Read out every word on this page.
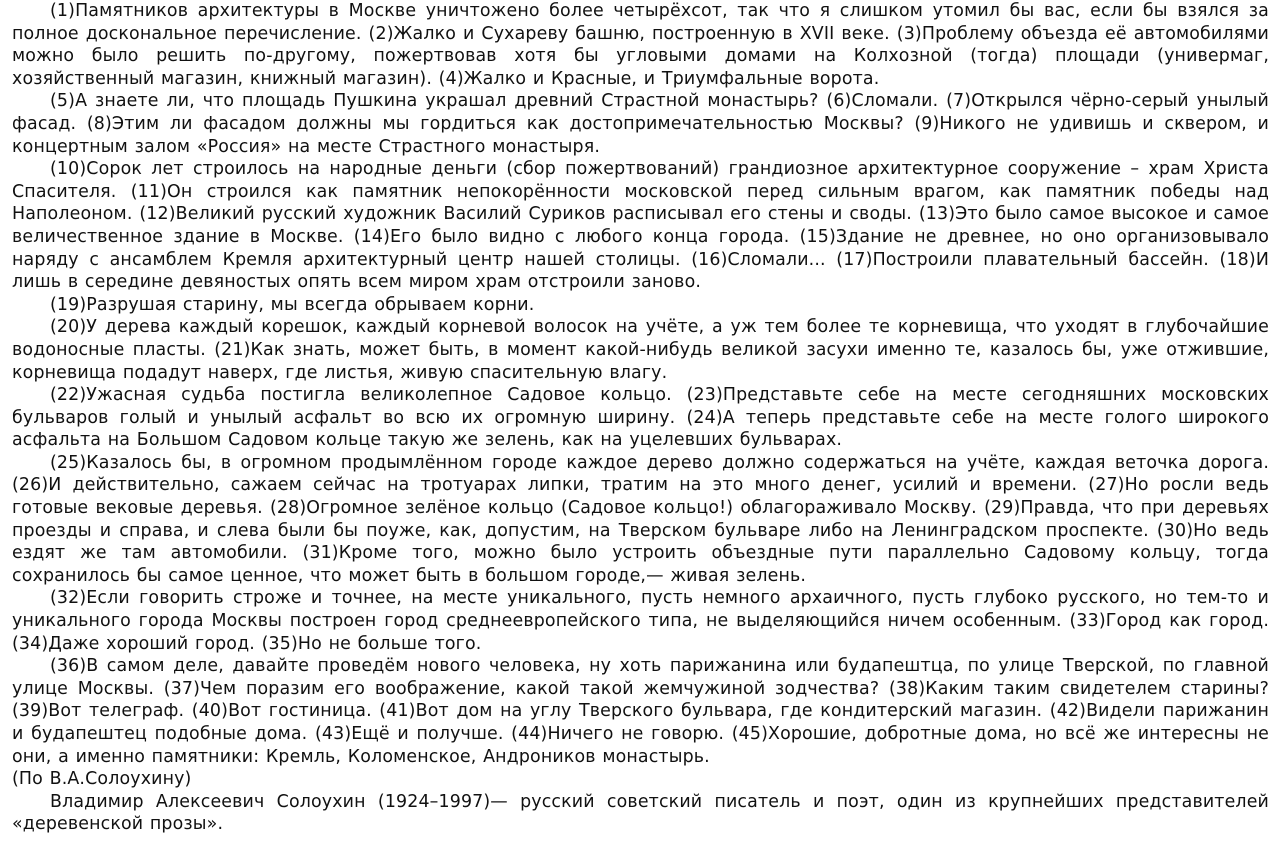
(1)Памятников архитектуры в Москве уничтожено более четырёхсот, так что я слишком утомил бы вас, если бы взялся за полное доскональное перечисление. (2)Жалко и Сухареву башню, построенную в XVII веке. (3)Проблему объезда её автомобилями можно было решить по-другому, пожертвовав хотя бы угловыми домами на Колхозной (тогда) площади (универмаг, хозяйственный магазин, книжный магазин). (4)Жалко и Красные, и Триумфальные ворота.

(5)А знаете ли, что площадь Пушкина украшал древний Страстной монастырь? (6)Сломали. (7)Открылся чёрно-серый унылый фасад. (8)Этим ли фасадом должны мы гордиться как достопримечательностью Москвы? (9)Никого не удивишь и сквером, и концертным залом «Россия» на месте Страстного монастыря.

(10)Сорок лет строилось на народные деньги (сбор пожертвований) грандиозное архитектурное сооружение – храм Христа Спасителя. (11)Он строился как памятник непокорённости московской перед сильным врагом, как памятник победы над Наполеоном. (12)Великий русский художник Василий Суриков расписывал его стены и своды. (13)Это было самое высокое и самое величественное здание в Москве. (14)Его было видно с любого конца города. (15)Здание не древнее, но оно организовывало наряду с ансамблем Кремля архитектурный центр нашей столицы. (16)Сломали... (17)Построили плавательный бассейн. (18)И лишь в середине девяностых опять всем миром храм отстроили заново.

(19)Разрушая старину, мы всегда обрываем корни.

(20)У дерева каждый корешок, каждый корневой волосок на учёте, а уж тем более те корневища, что уходят в глубочайшие водоносные пласты. (21)Как знать, может быть, в момент какой-нибудь великой засухи именно те, казалось бы, уже отжившие, корневища подадут наверх, где листья, живую спасительную влагу.

(22)Ужасная судьба постигла великолепное Садовое кольцо. (23)Представьте себе на месте сегодняшних московских бульваров голый и унылый асфальт во всю их огромную ширину. (24)А теперь представьте себе на месте голого широкого асфальта на Большом Садовом кольце такую же зелень, как на уцелевших бульварах.

(25)Казалось бы, в огромном продымлённом городе каждое дерево должно содержаться на учёте, каждая веточка дорога. (26)И действительно, сажаем сейчас на тротуарах липки, тратим на это много денег, усилий и времени. (27)Но росли ведь готовые вековые деревья. (28)Огромное зелёное кольцо (Садовое кольцо!) облагораживало Москву. (29)Правда, что при деревьях проезды и справа, и слева были бы поуже, как, допустим, на Тверском бульваре либо на Ленинградском проспекте. (30)Но ведь ездят же там автомобили. (31)Кроме того, можно было устроить объездные пути параллельно Садовому кольцу, тогда сохранилось бы самое ценное, что может быть в большом городе,— живая зелень.

(32)Если говорить строже и точнее, на месте уникального, пусть немного архаичного, пусть глубоко русского, но тем-то и уникального города Москвы построен город среднеевропейского типа, не выделяющийся ничем особенным. (33)Город как город. (34)Даже хороший город. (35)Но не больше того.

(36)В самом деле, давайте проведём нового человека, ну хоть парижанина или будапештца, по улице Тверской, по главной улице Москвы. (37)Чем поразим его воображение, какой такой жемчужиной зодчества? (38)Каким таким свидетелем старины? (39)Вот телеграф. (40)Вот гостиница. (41)Вот дом на углу Тверского бульвара, где кондитерский магазин. (42)Видели парижанин и будапештец подобные дома. (43)Ещё и получше. (44)Ничего не говорю. (45)Хорошие, добротные дома, но всё же интересны не они, а именно памятники: Кремль, Коломенское, Андроников монастырь.

(По В.А.Солоухину)

Владимир Алексеевич Солоухин (1924–1997)— русский советский писатель и поэт, один из крупнейших представителей «деревенской прозы».
